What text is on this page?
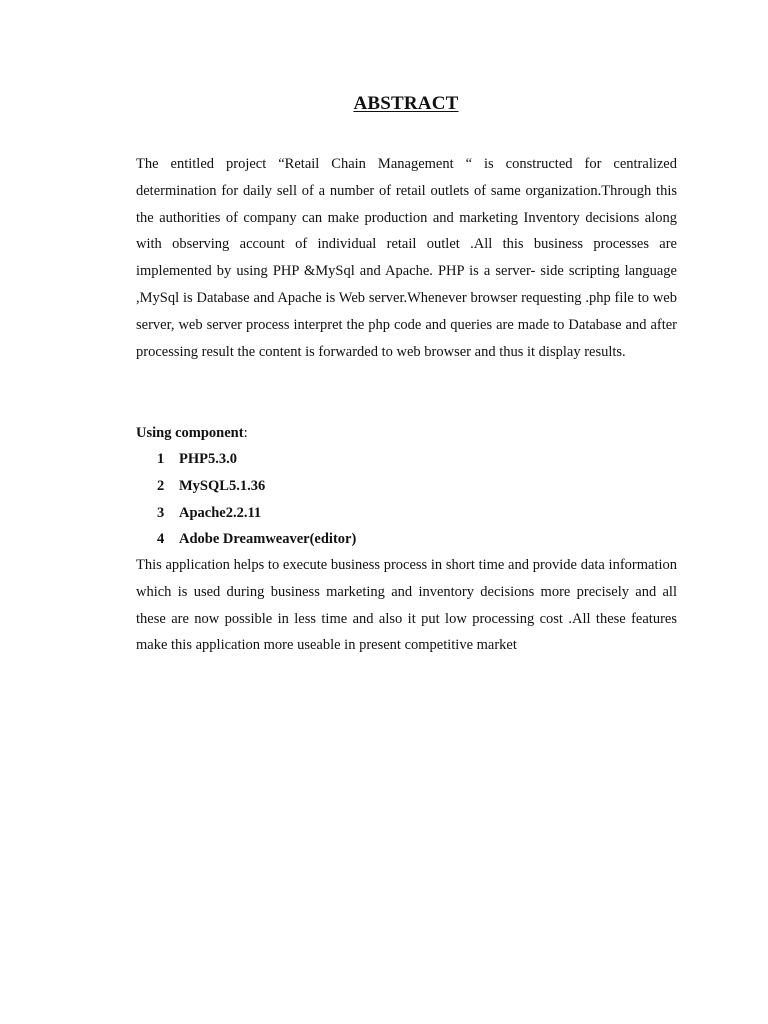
ABSTRACT

The entitled project “Retail Chain Management “ is constructed for centralized determination for daily sell of a number of retail outlets of same organization.Through this the authorities of company can make production and marketing Inventory decisions along with observing account of individual retail outlet .All this business processes are implemented by using PHP &MySql and Apache. PHP is a server- side scripting language ,MySql is Database and Apache is Web server.Whenever browser requesting .php file to web server, web server process interpret the php code and queries are made to Database and after processing result the content is forwarded to web browser and thus it display results.

Using component:

1	PHP5.3.0
2	MySQL5.1.36
3	Apache2.2.11
4	Adobe Dreamweaver(editor)

This application helps to execute business process in short time and provide data information which is used during business marketing and inventory decisions more precisely and all these are now possible in less time and also it put low processing cost .All these features make this application more useable in present competitive market
